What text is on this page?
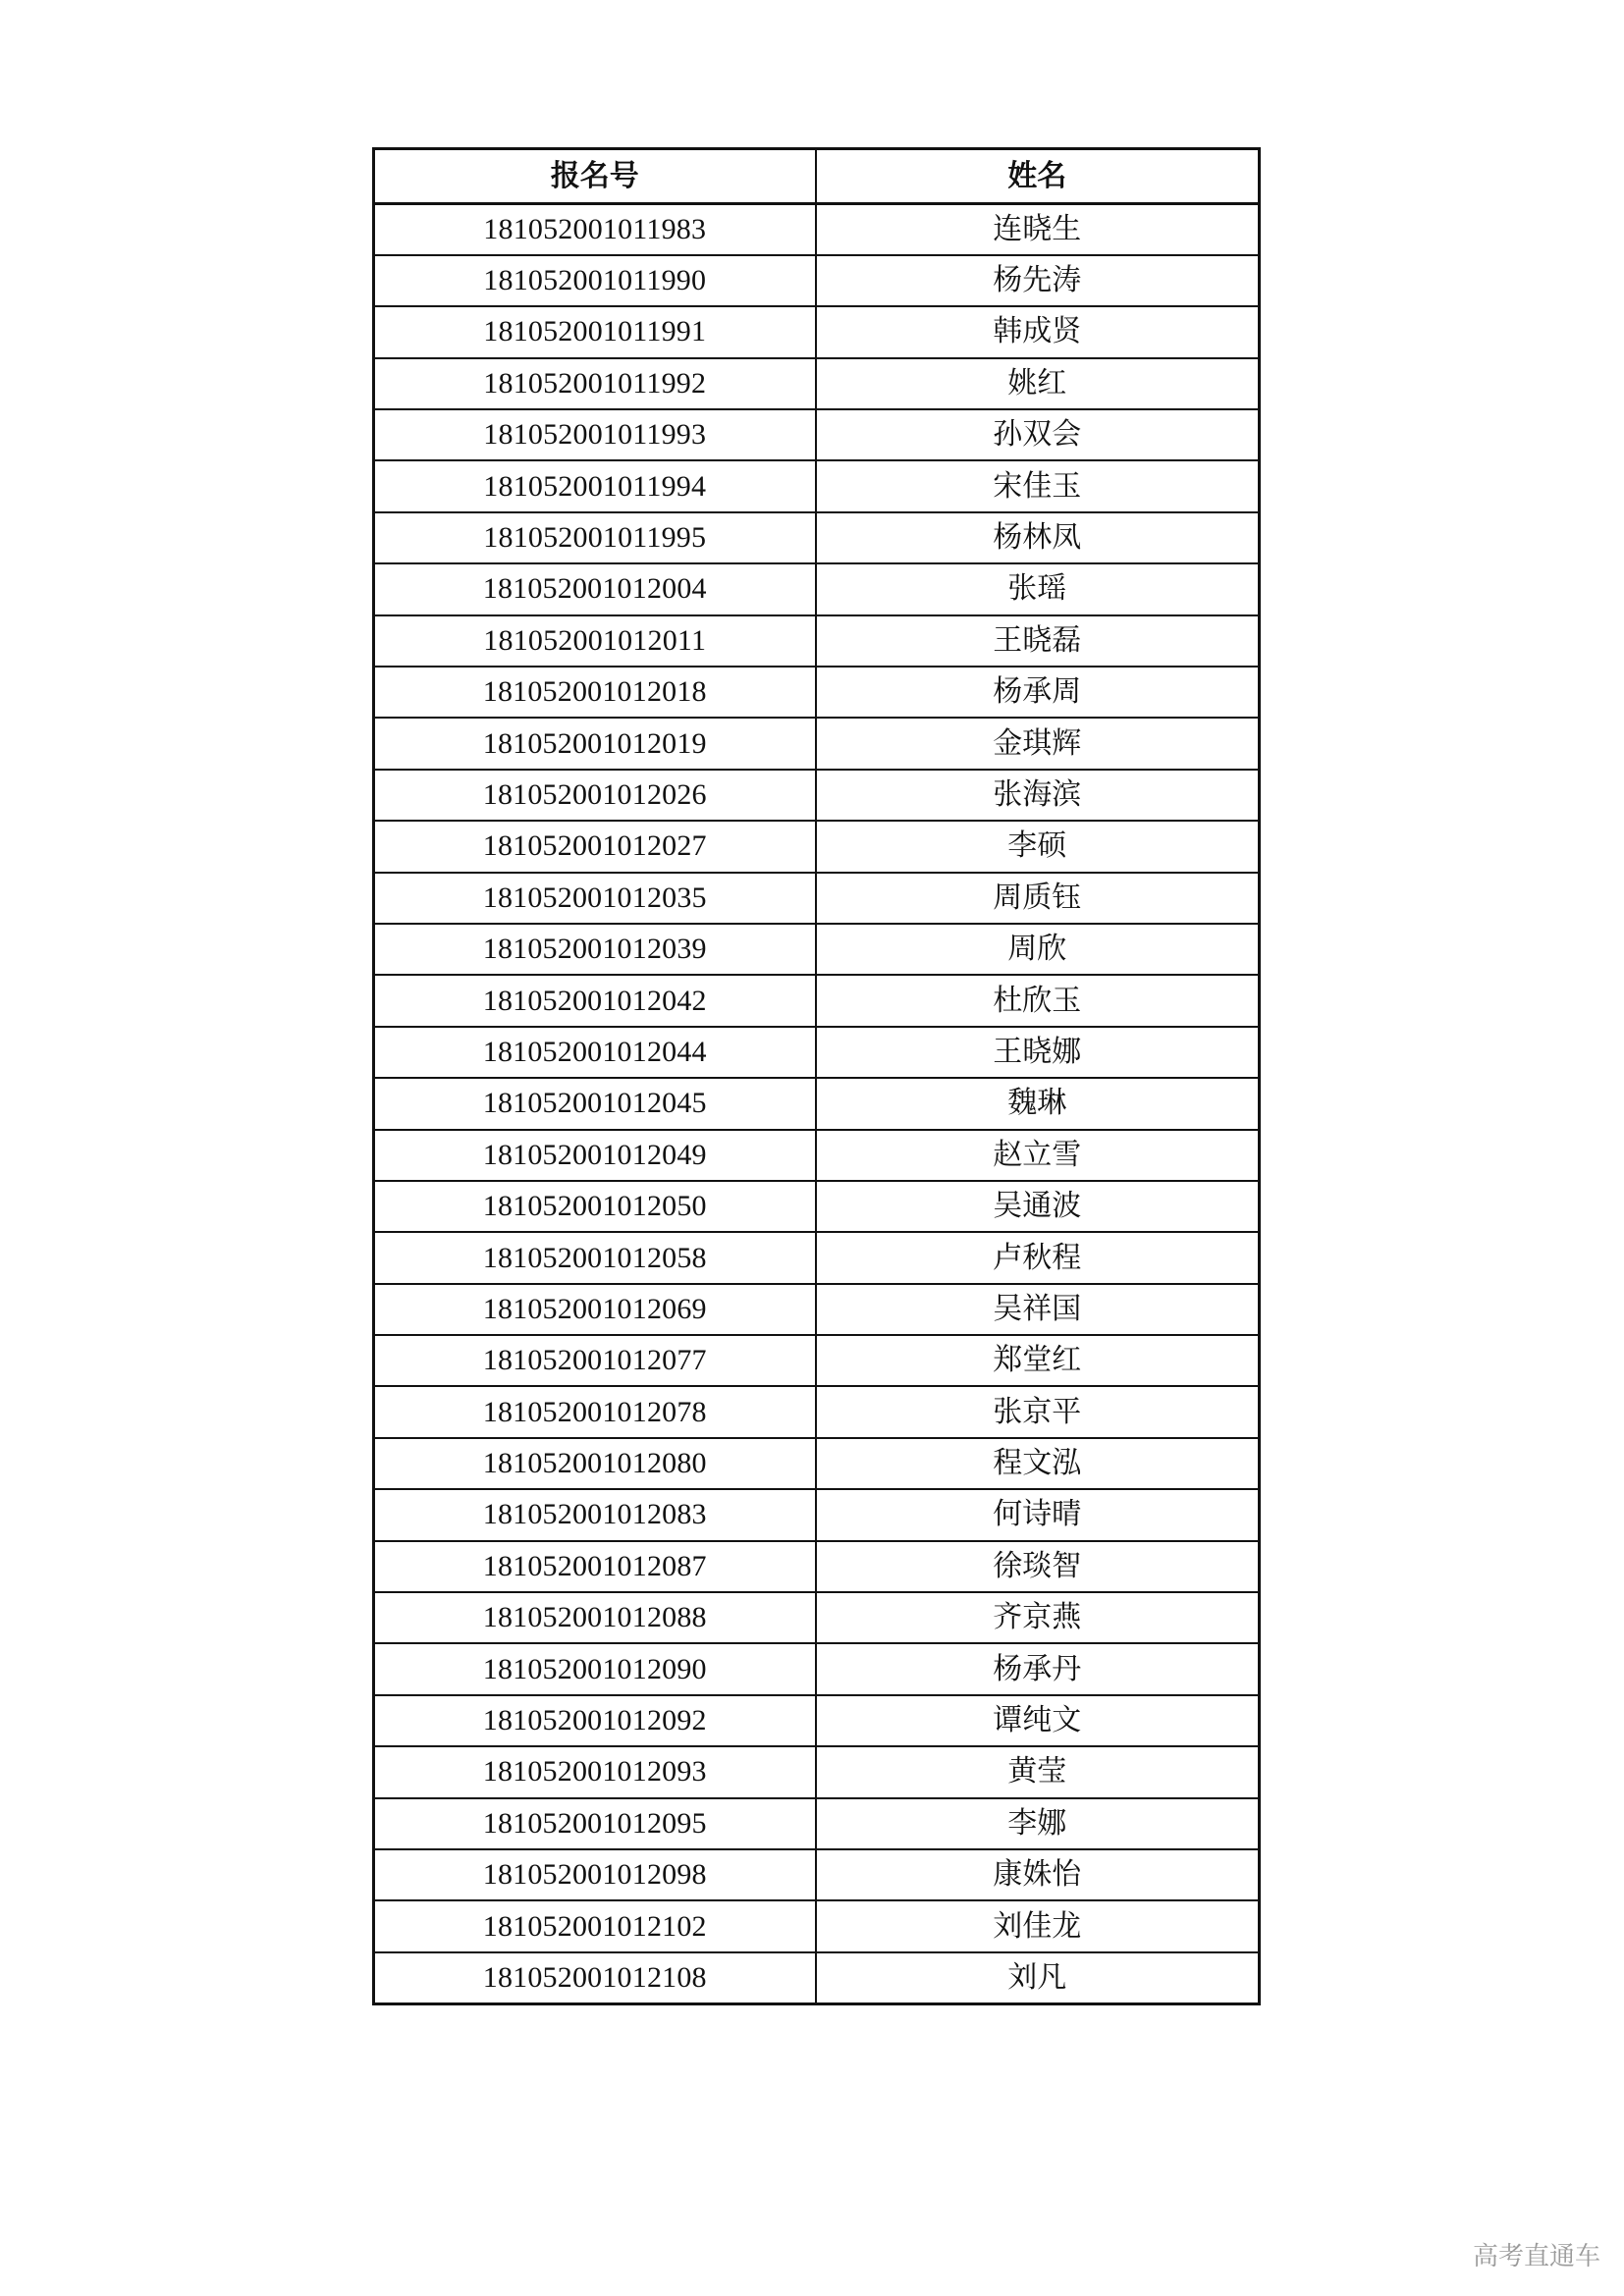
报名号	姓名
181052001011983	连晓生
181052001011990	杨先涛
181052001011991	韩成贤
181052001011992	姚红
181052001011993	孙双会
181052001011994	宋佳玉
181052001011995	杨林凤
181052001012004	张瑶
181052001012011	王晓磊
181052001012018	杨承周
181052001012019	金琪辉
181052001012026	张海滨
181052001012027	李硕
181052001012035	周质钰
181052001012039	周欣
181052001012042	杜欣玉
181052001012044	王晓娜
181052001012045	魏琳
181052001012049	赵立雪
181052001012050	吴通波
181052001012058	卢秋程
181052001012069	吴祥国
181052001012077	郑堂红
181052001012078	张京平
181052001012080	程文泓
181052001012083	何诗晴
181052001012087	徐琰智
181052001012088	齐京燕
181052001012090	杨承丹
181052001012092	谭纯文
181052001012093	黄莹
181052001012095	李娜
181052001012098	康姝怡
181052001012102	刘佳龙
181052001012108	刘凡
高考直通车
